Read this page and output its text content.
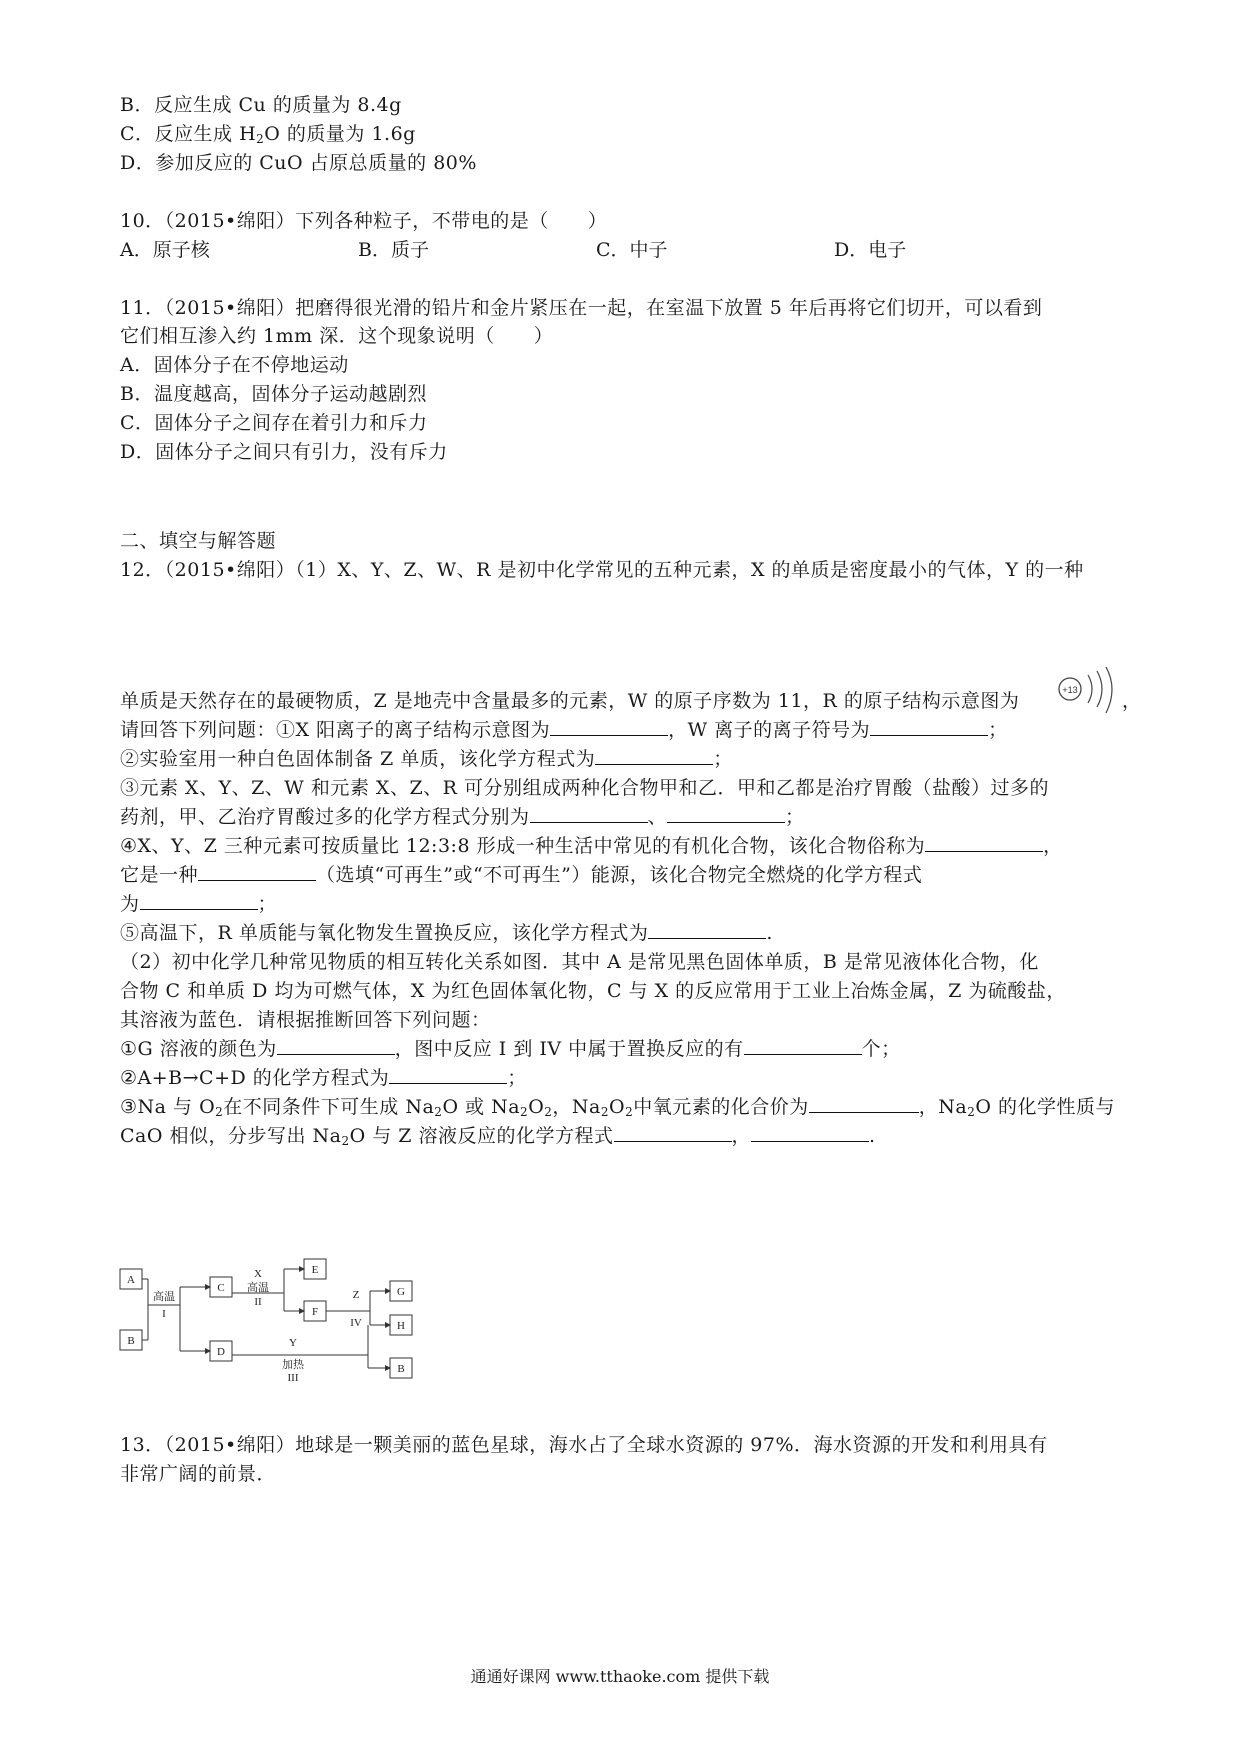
B．反应生成 Cu 的质量为 8.4g
C．反应生成 $H_2O$ 的质量为 1.6g
D．参加反应的 CuO 占原总质量的 80%
10．（2015•绵阳）下列各种粒子，不带电的是（　　）
A．原子核	B．质子	C．中子	D．电子
11．（2015•绵阳）把磨得很光滑的铅片和金片紧压在一起，在室温下放置 5 年后再将它们切开，可以看到
它们相互渗入约 1mm 深．这个现象说明（　　）
A．固体分子在不停地运动
B．温度越高，固体分子运动越剧烈
C．固体分子之间存在着引力和斥力
D．固体分子之间只有引力，没有斥力
二、填空与解答题
12．（2015•绵阳）（1）X、Y、Z、W、R 是初中化学常见的五种元素，X 的单质是密度最小的气体，Y 的一种
单质是天然存在的最硬物质，Z 是地壳中含量最多的元素，W 的原子序数为 11，R 的原子结构示意图为	，
+13
请回答下列问题：①X 阳离子的离子结构示意图为	，W 离子的离子符号为	；
②实验室用一种白色固体制备 Z 单质，该化学方程式为	；
③元素 X、Y、Z、W 和元素 X、Z、R 可分别组成两种化合物甲和乙．甲和乙都是治疗胃酸（盐酸）过多的
药剂，甲、乙治疗胃酸过多的化学方程式分别为	、	；
④X、Y、Z 三种元素可按质量比 12:3:8 形成一种生活中常见的有机化合物，该化合物俗称为	，
它是一种	（选填“可再生”或“不可再生”）能源，该化合物完全燃烧的化学方程式
为	；
⑤高温下，R 单质能与氧化物发生置换反应，该化学方程式为	.
（2）初中化学几种常见物质的相互转化关系如图．其中 A 是常见黑色固体单质，B 是常见液体化合物，化
合物 C 和单质 D 均为可燃气体，X 为红色固体氧化物，C 与 X 的反应常用于工业上冶炼金属，Z 为硫酸盐，
其溶液为蓝色．请根据推断回答下列问题：
①G 溶液的颜色为	，图中反应 I 到 IV 中属于置换反应的有	个；
②A+B→C+D 的化学方程式为	；
③Na 与 $O_2$在不同条件下可生成 $Na_2O$ 或 $Na_2O_2$，$Na_2O_2$中氧元素的化合价为	，$Na_2O$ 的化学性质与
CaO 相似，分步写出 $Na_2O$ 与 Z 溶液反应的化学方程式	，	.
A
B
C
D
E
F
G
H
B
高温
I
X
高温
II
Z
IV
Y
加热
III
13．（2015•绵阳）地球是一颗美丽的蓝色星球，海水占了全球水资源的 97%．海水资源的开发和利用具有
非常广阔的前景．
通通好课网 www.tthaoke.com 提供下载
